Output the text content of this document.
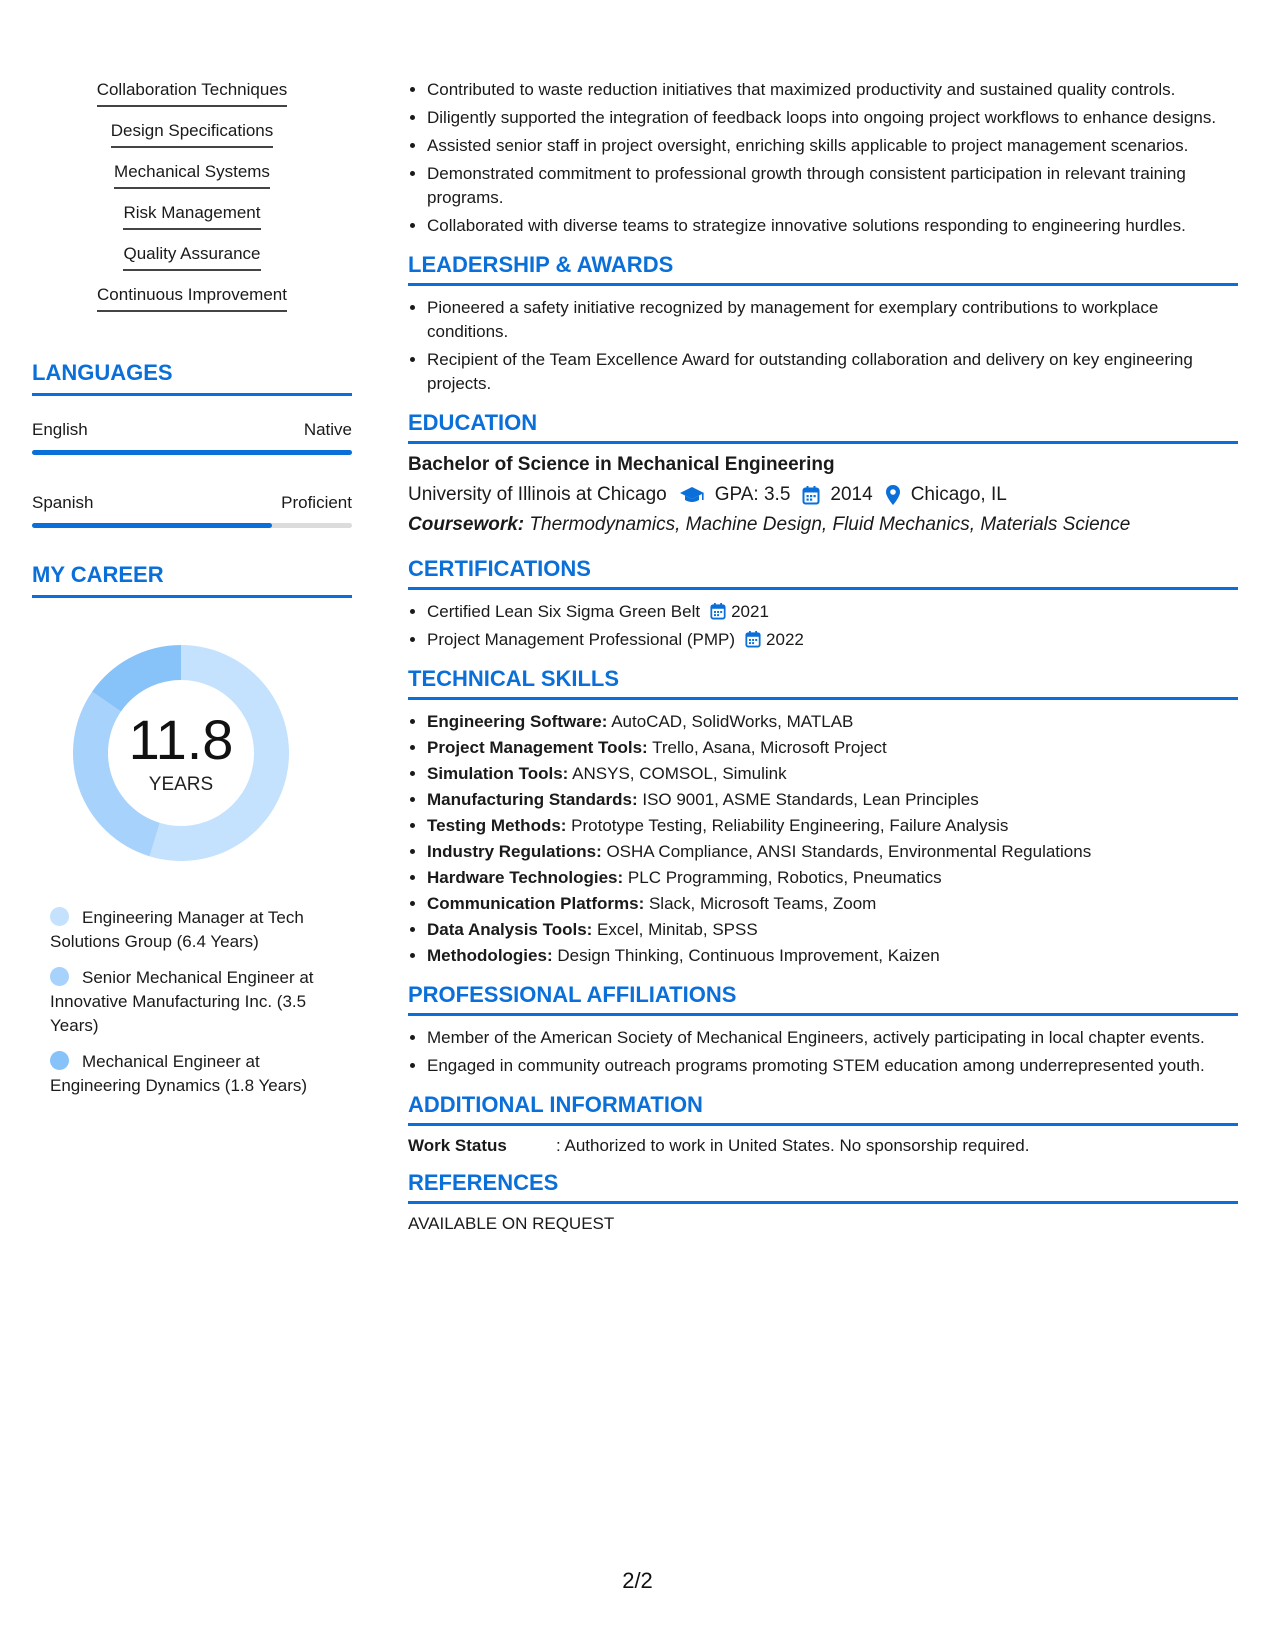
Collaboration Techniques
Design Specifications
Mechanical Systems
Risk Management
Quality Assurance
Continuous Improvement
LANGUAGES
English	Native
Spanish	Proficient
MY CAREER
11.8
YEARS
Engineering Manager at Tech Solutions Group (6.4 Years)
Senior Mechanical Engineer at Innovative Manufacturing Inc. (3.5 Years)
Mechanical Engineer at Engineering Dynamics (1.8 Years)
• Contributed to waste reduction initiatives that maximized productivity and sustained quality controls.
• Diligently supported the integration of feedback loops into ongoing project workflows to enhance designs.
• Assisted senior staff in project oversight, enriching skills applicable to project management scenarios.
• Demonstrated commitment to professional growth through consistent participation in relevant training programs.
• Collaborated with diverse teams to strategize innovative solutions responding to engineering hurdles.
LEADERSHIP & AWARDS
• Pioneered a safety initiative recognized by management for exemplary contributions to workplace conditions.
• Recipient of the Team Excellence Award for outstanding collaboration and delivery on key engineering projects.
EDUCATION
Bachelor of Science in Mechanical Engineering
University of Illinois at Chicago	GPA: 3.5 2014 Chicago, IL
Coursework: Thermodynamics, Machine Design, Fluid Mechanics, Materials Science
CERTIFICATIONS
• Certified Lean Six Sigma Green Belt 2021
• Project Management Professional (PMP) 2022
TECHNICAL SKILLS
• Engineering Software: AutoCAD, SolidWorks, MATLAB
• Project Management Tools: Trello, Asana, Microsoft Project
• Simulation Tools: ANSYS, COMSOL, Simulink
• Manufacturing Standards: ISO 9001, ASME Standards, Lean Principles
• Testing Methods: Prototype Testing, Reliability Engineering, Failure Analysis
• Industry Regulations: OSHA Compliance, ANSI Standards, Environmental Regulations
• Hardware Technologies: PLC Programming, Robotics, Pneumatics
• Communication Platforms: Slack, Microsoft Teams, Zoom
• Data Analysis Tools: Excel, Minitab, SPSS
• Methodologies: Design Thinking, Continuous Improvement, Kaizen
PROFESSIONAL AFFILIATIONS
• Member of the American Society of Mechanical Engineers, actively participating in local chapter events.
• Engaged in community outreach programs promoting STEM education among underrepresented youth.
ADDITIONAL INFORMATION
Work Status	: Authorized to work in United States. No sponsorship required.
REFERENCES
AVAILABLE ON REQUEST
2/2
